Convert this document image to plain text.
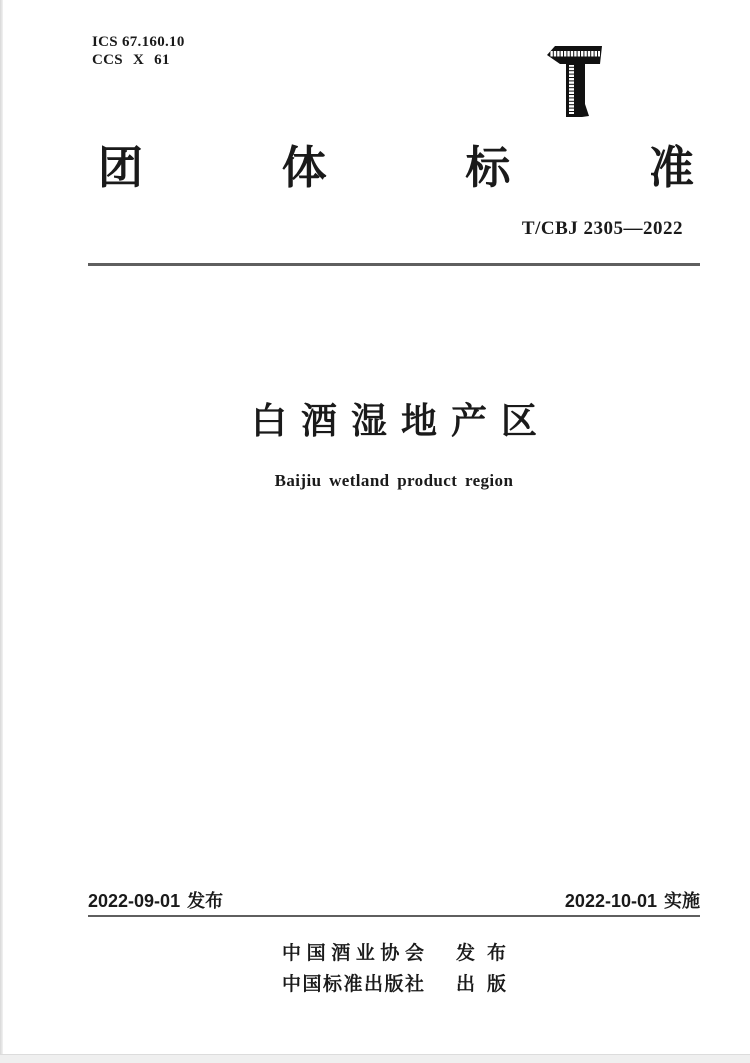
ICS 67.160.10
CCS X 61
团体标准
T/CBJ 2305—2022
白酒湿地产区
Baijiu wetland product region
2022-09-01 发布	2022-10-01 实施
中国酒业协会 发布
中国标准出版社 出版
